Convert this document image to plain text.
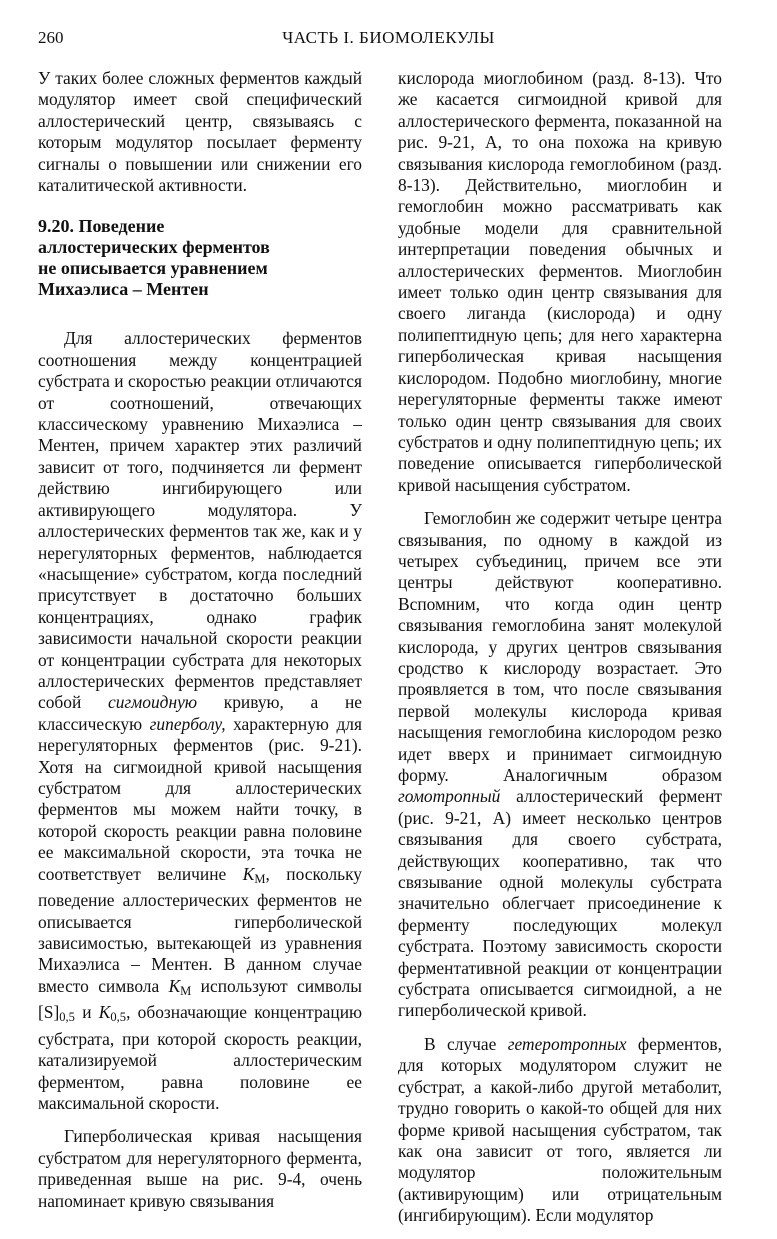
260	ЧАСТЬ I. БИОМОЛЕКУЛЫ

У таких более сложных ферментов каждый модулятор имеет свой специфический аллостерический центр, связываясь с которым модулятор посылает ферменту сигналы о повышении или снижении его каталитической активности.

9.20. Поведение
аллостерических ферментов
не описывается уравнением
Михаэлиса – Ментен

Для аллостерических ферментов соотношения между концентрацией субстрата и скоростью реакции отличаются от соотношений, отвечающих классическому уравнению Михаэлиса – Ментен, причем характер этих различий зависит от того, подчиняется ли фермент действию ингибирующего или активирующего модулятора. У аллостерических ферментов так же, как и у нерегуляторных ферментов, наблюдается «насыщение» субстратом, когда последний присутствует в достаточно больших концентрациях, однако график зависимости начальной скорости реакции от концентрации субстрата для некоторых аллостерических ферментов представляет собой сигмоидную кривую, а не классическую гиперболу, характерную для нерегуляторных ферментов (рис. 9-21). Хотя на сигмоидной кривой насыщения субстратом для аллостерических ферментов мы можем найти точку, в которой скорость реакции равна половине ее максимальной скорости, эта точка не соответствует величине $K_M$, поскольку поведение аллостерических ферментов не описывается гиперболической зависимостью, вытекающей из уравнения Михаэлиса – Ментен. В данном случае вместо символа $K_M$ используют символы $[S]_{0,5}$ и $K_{0,5}$, обозначающие концентрацию субстрата, при которой скорость реакции, катализируемой аллостерическим ферментом, равна половине ее максимальной скорости.

Гиперболическая кривая насыщения субстратом для нерегуляторного фермента, приведенная выше на рис. 9-4, очень напоминает кривую связывания

кислорода миоглобином (разд. 8-13). Что же касается сигмоидной кривой для аллостерического фермента, показанной на рис. 9-21, А, то она похожа на кривую связывания кислорода гемоглобином (разд. 8-13). Действительно, миоглобин и гемоглобин можно рассматривать как удобные модели для сравнительной интерпретации поведения обычных и аллостерических ферментов. Миоглобин имеет только один центр связывания для своего лиганда (кислорода) и одну полипептидную цепь; для него характерна гиперболическая кривая насыщения кислородом. Подобно миоглобину, многие нерегуляторные ферменты также имеют только один центр связывания для своих субстратов и одну полипептидную цепь; их поведение описывается гиперболической кривой насыщения субстратом.

Гемоглобин же содержит четыре центра связывания, по одному в каждой из четырех субъединиц, причем все эти центры действуют кооперативно. Вспомним, что когда один центр связывания гемоглобина занят молекулой кислорода, у других центров связывания сродство к кислороду возрастает. Это проявляется в том, что после связывания первой молекулы кислорода кривая насыщения гемоглобина кислородом резко идет вверх и принимает сигмоидную форму. Аналогичным образом гомотропный аллостерический фермент (рис. 9-21, А) имеет несколько центров связывания для своего субстрата, действующих кооперативно, так что связывание одной молекулы субстрата значительно облегчает присоединение к ферменту последующих молекул субстрата. Поэтому зависимость скорости ферментативной реакции от концентрации субстрата описывается сигмоидной, а не гиперболической кривой.

В случае гетеротропных ферментов, для которых модулятором служит не субстрат, а какой-либо другой метаболит, трудно говорить о какой-то общей для них форме кривой насыщения субстратом, так как она зависит от того, является ли модулятор положительным (активирующим) или отрицательным (ингибирующим). Если модулятор
